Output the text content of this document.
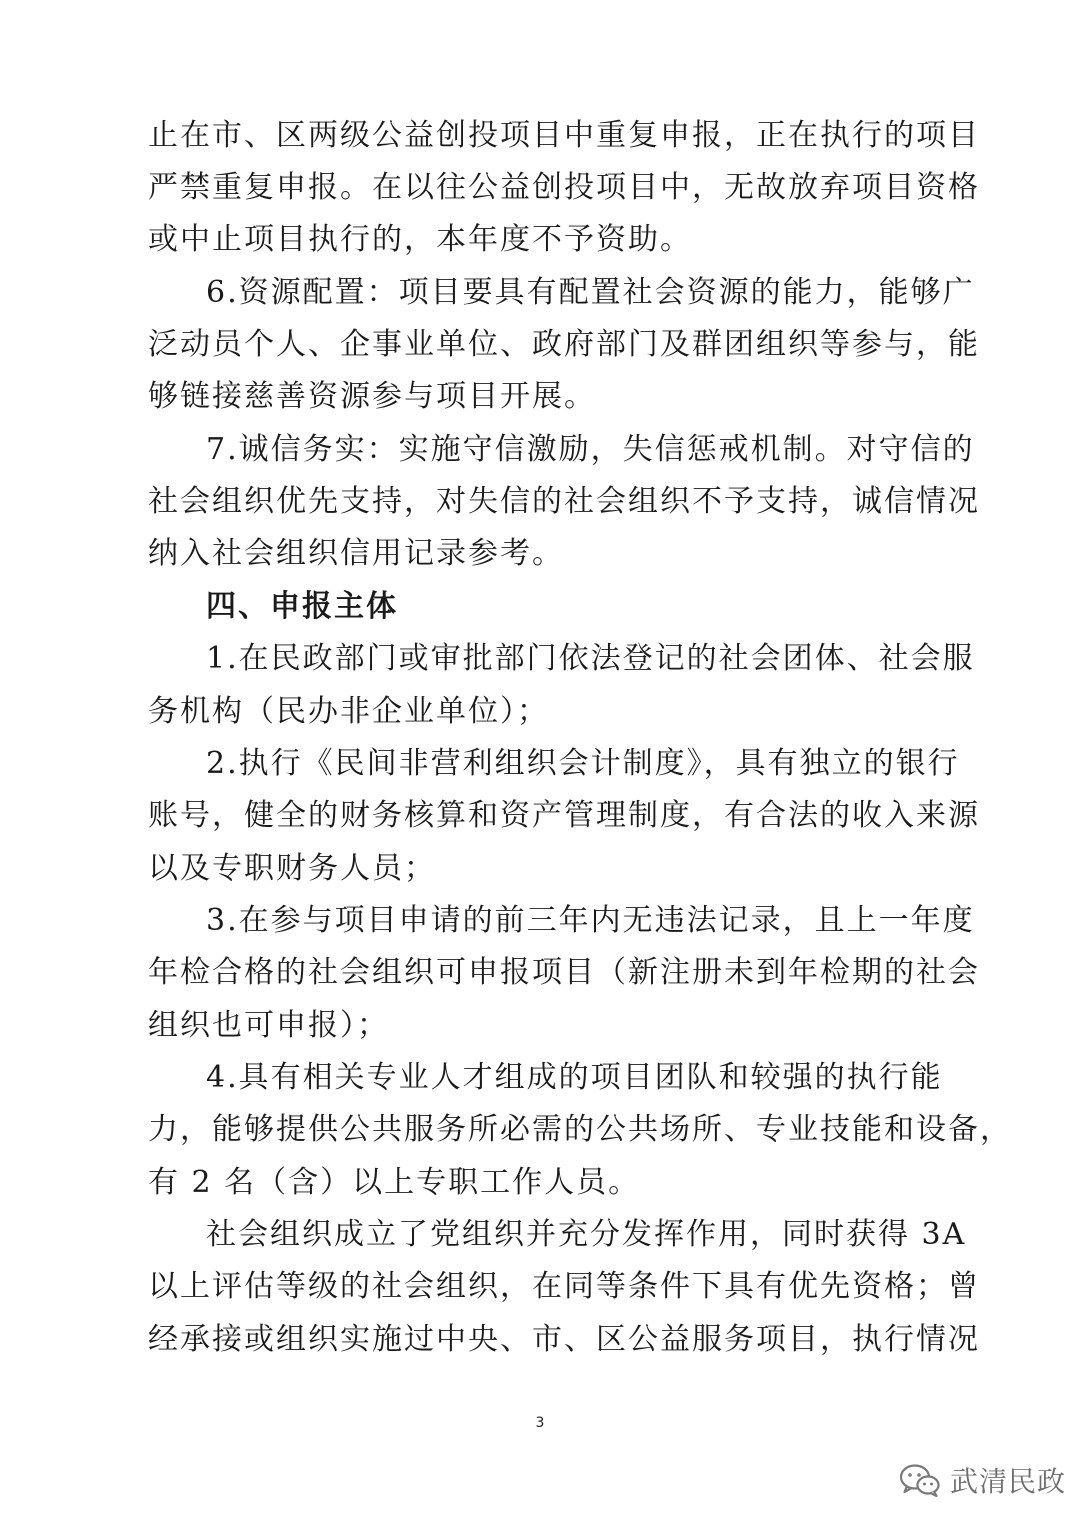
止在市、区两级公益创投项目中重复申报，正在执行的项目
严禁重复申报。在以往公益创投项目中，无故放弃项目资格
或中止项目执行的，本年度不予资助。
6.资源配置：项目要具有配置社会资源的能力，能够广
泛动员个人、企事业单位、政府部门及群团组织等参与，能
够链接慈善资源参与项目开展。
7.诚信务实：实施守信激励，失信惩戒机制。对守信的
社会组织优先支持，对失信的社会组织不予支持，诚信情况
纳入社会组织信用记录参考。
四、申报主体
1.在民政部门或审批部门依法登记的社会团体、社会服
务机构（民办非企业单位）；
2.执行《民间非营利组织会计制度》，具有独立的银行
账号，健全的财务核算和资产管理制度，有合法的收入来源
以及专职财务人员；
3.在参与项目申请的前三年内无违法记录，且上一年度
年检合格的社会组织可申报项目（新注册未到年检期的社会
组织也可申报）；
4.具有相关专业人才组成的项目团队和较强的执行能
力，能够提供公共服务所必需的公共场所、专业技能和设备，
有 2 名（含）以上专职工作人员。
社会组织成立了党组织并充分发挥作用，同时获得 3A
以上评估等级的社会组织，在同等条件下具有优先资格；曾
经承接或组织实施过中央、市、区公益服务项目，执行情况
3
武清民政
